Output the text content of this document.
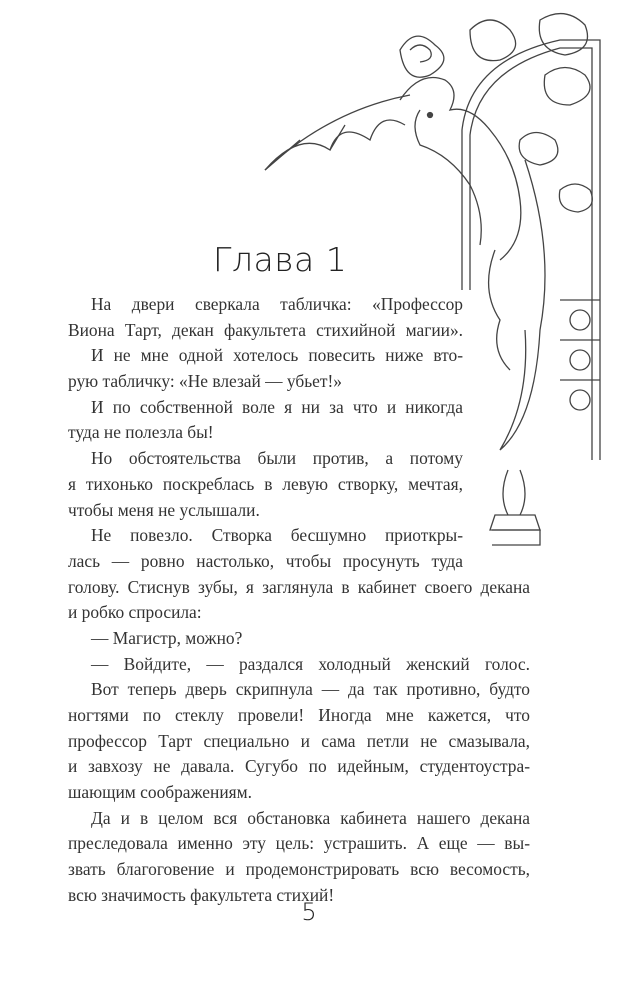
Глава 1
На двери сверкала табличка: «Профессор
Виона Тарт, декан факультета стихийной магии».
И не мне одной хотелось повесить ниже вто-
рую табличку: «Не влезай — убьет!»
И по собственной воле я ни за что и никогда
туда не полезла бы!
Но обстоятельства были против, а потому
я тихонько поскреблась в левую створку, мечтая,
чтобы меня не услышали.
Не повезло. Створка бесшумно приоткры-
лась — ровно настолько, чтобы просунуть туда
голову. Стиснув зубы, я заглянула в кабинет своего декана
и робко спросила:
— Магистр, можно?
— Войдите, — раздался холодный женский голос.
Вот теперь дверь скрипнула — да так противно, будто
ногтями по стеклу провели! Иногда мне кажется, что
профессор Тарт специально и сама петли не смазывала,
и завхозу не давала. Сугубо по идейным, студентоустра-
шающим соображениям.
Да и в целом вся обстановка кабинета нашего декана
преследовала именно эту цель: устрашить. А еще — вы-
звать благоговение и продемонстрировать всю весомость,
всю значимость факультета стихий!
5
